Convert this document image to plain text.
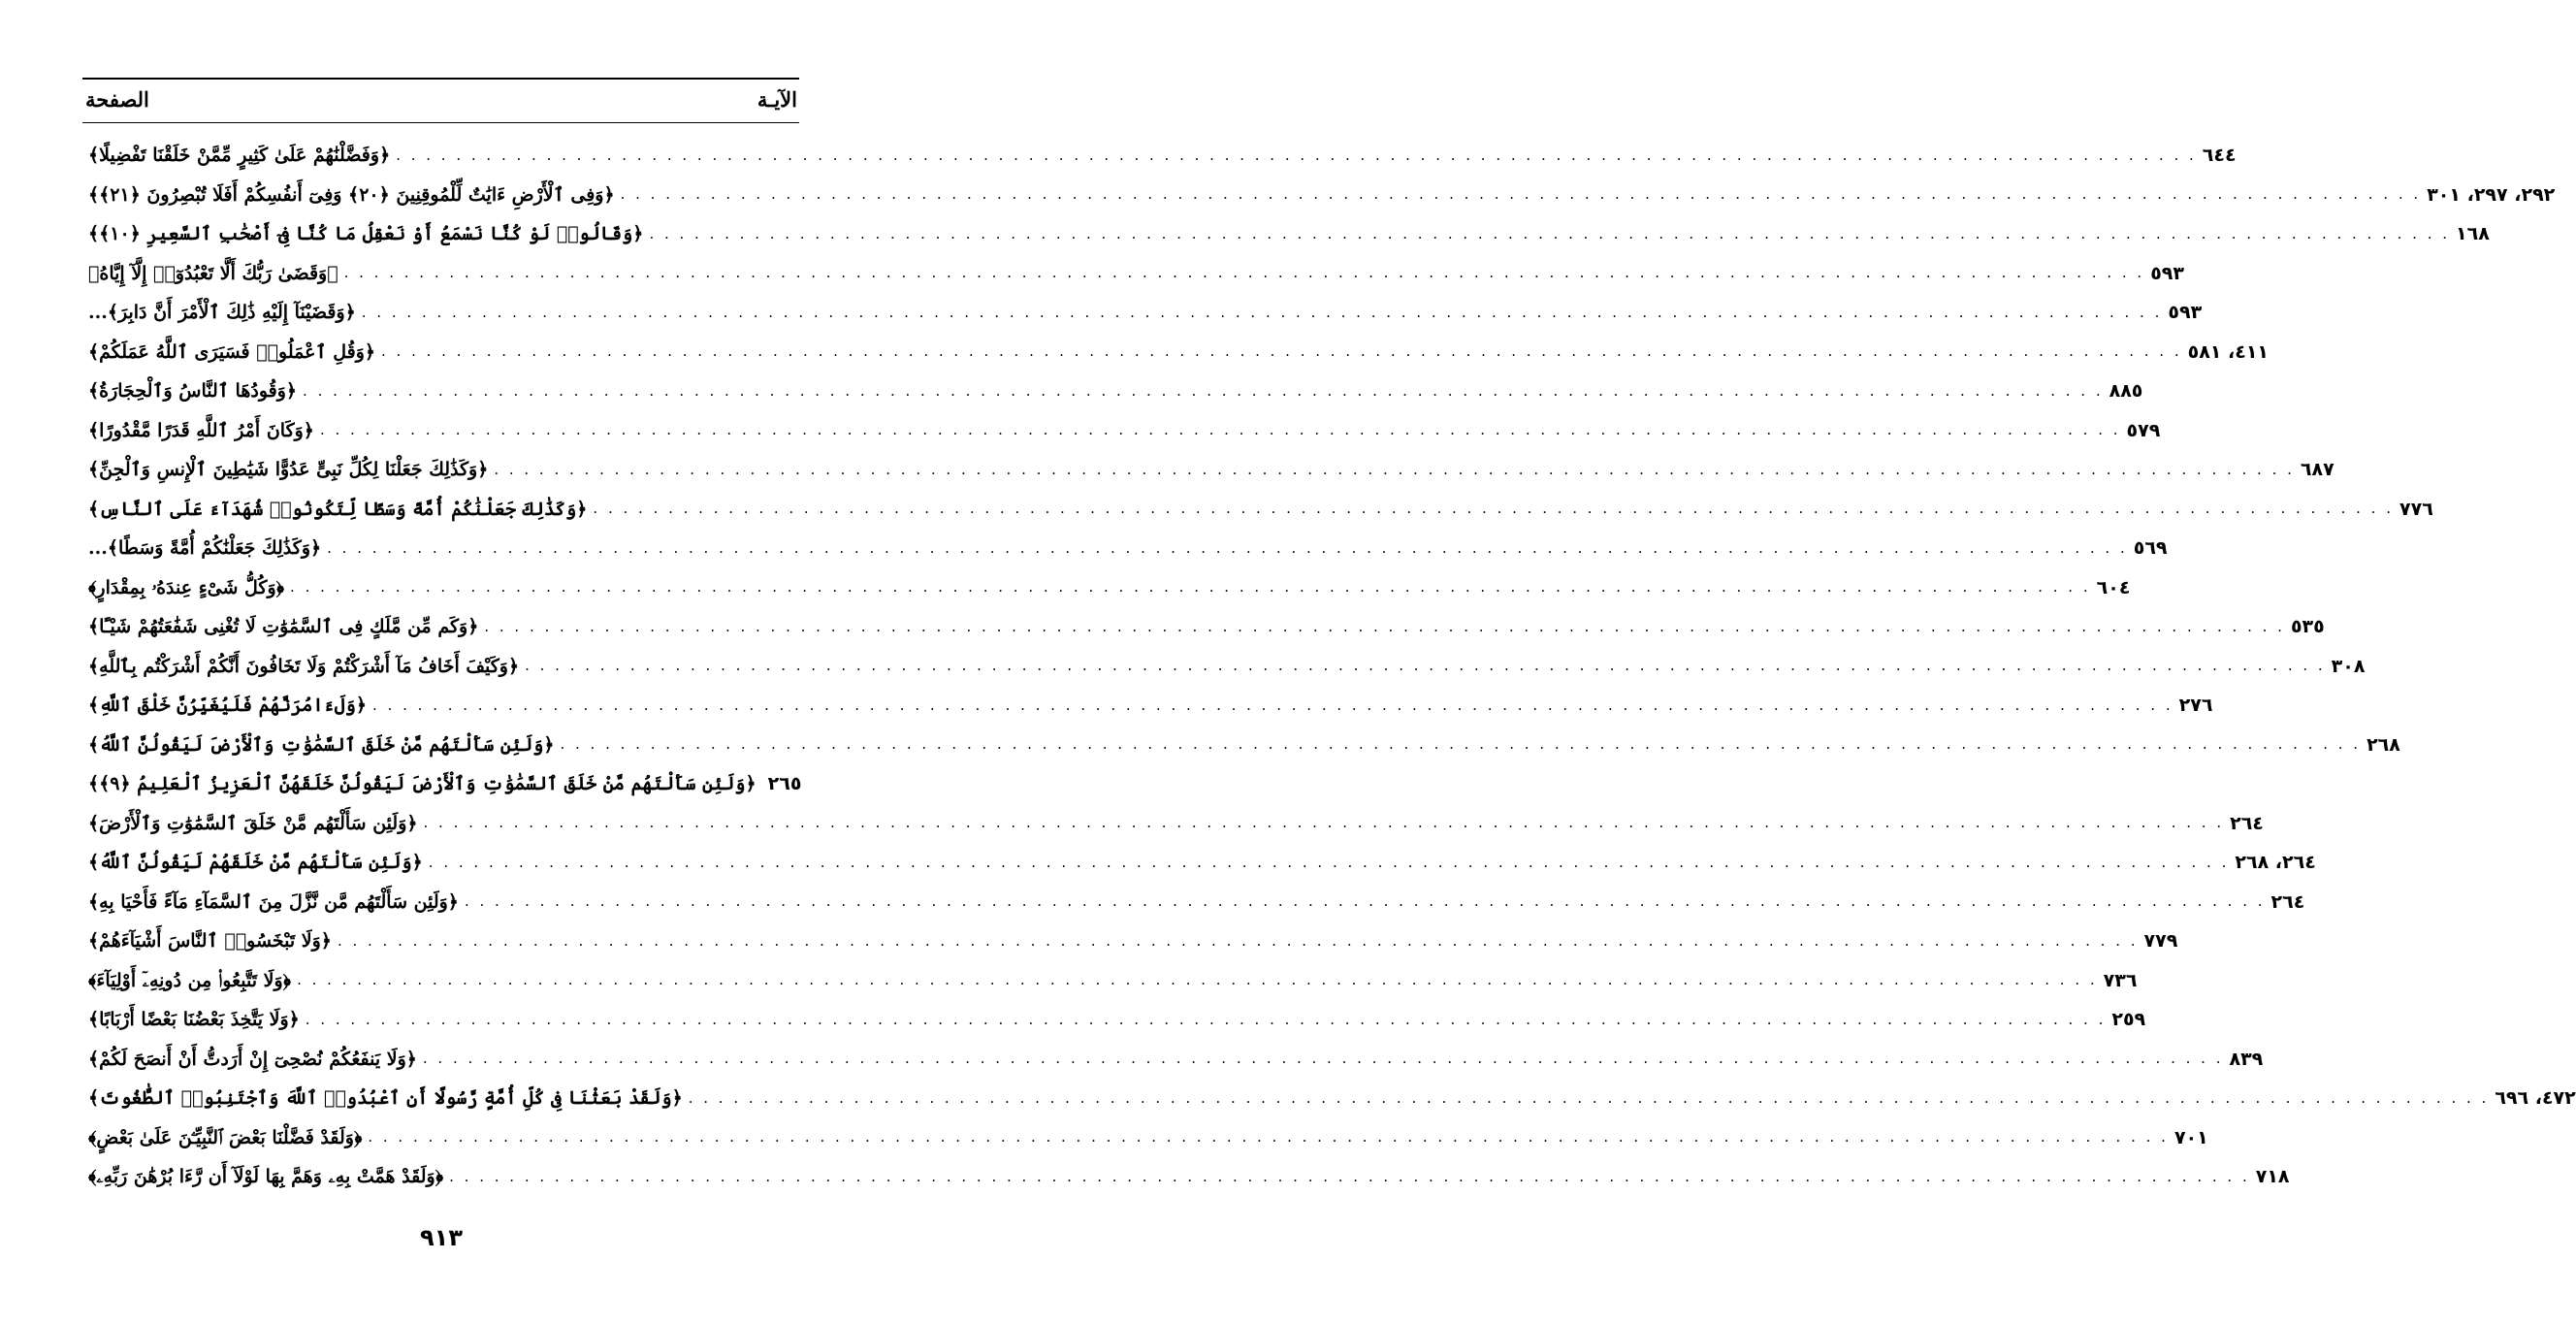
الآيـة
الصفحة
﴿وَفَضَّلْنَٰهُمْ عَلَىٰ كَثِيرٍ مِّمَّنْ خَلَقْنَا تَفْضِيلًا﴾ . . . . . . . . . . . . . . . . . . . . . . . . . . . . . . . . . . . . . . . . . . . . . . . . . . . . . . . . . . . . . . . . . . . . . . . . . . . . . . . . . . . . . . . . . . . . . . . . . . . . . . . . . . . . . . . . . . . . . . . . ٦٤٤
﴿وَفِى ٱلْأَرْضِ ءَايَٰتٌ لِّلْمُوقِنِينَ ﴿٢٠﴾ وَفِىٓ أَنفُسِكُمْ أَفَلَا تُبْصِرُونَ ﴿٢١﴾﴾ . . . . . . . . . . . . . . . . . . . . . . . . . . . . . . . . . . . . . . . . . . . . . . . . . . . . . . . . . . . . . . . . . . . . . . . . . . . . . . . . . . . . . . . . . . . . . . . . . . . . . . . . . . . . . . . . . . . . . . . . ٢٩٢، ٢٩٧، ٣٠١
﴿وَقَالُوا۟ لَوْ كُنَّا نَسْمَعُ أَوْ نَعْقِلُ مَا كُنَّا فِىٓ أَصْحَٰبِ ٱلسَّعِيرِ ﴿١٠﴾﴾ . . . . . . . . . . . . . . . . . . . . . . . . . . . . . . . . . . . . . . . . . . . . . . . . . . . . . . . . . . . . . . . . . . . . . . . . . . . . . . . . . . . . . . . . . . . . . . . . . . . . . . . . . . . . . . . . . . . . . . . . ١٦٨
﴿وَقَضَىٰ رَبُّكَ أَلَّا تَعْبُدُوٓا۟ إِلَّآ إِيَّاهُ﴾ . . . . . . . . . . . . . . . . . . . . . . . . . . . . . . . . . . . . . . . . . . . . . . . . . . . . . . . . . . . . . . . . . . . . . . . . . . . . . . . . . . . . . . . . . . . . . . . . . . . . . . . . . . . . . . . . . . . . . . . . ٥٩٣
﴿وَقَضَيْنَآ إِلَيْهِ ذَٰلِكَ ٱلْأَمْرَ أَنَّ دَابِرَ﴾... . . . . . . . . . . . . . . . . . . . . . . . . . . . . . . . . . . . . . . . . . . . . . . . . . . . . . . . . . . . . . . . . . . . . . . . . . . . . . . . . . . . . . . . . . . . . . . . . . . . . . . . . . . . . . . . . . . . . . . . . ٥٩٣
﴿وَقُلِ ٱعْمَلُوا۟ فَسَيَرَى ٱللَّهُ عَمَلَكُمْ﴾ . . . . . . . . . . . . . . . . . . . . . . . . . . . . . . . . . . . . . . . . . . . . . . . . . . . . . . . . . . . . . . . . . . . . . . . . . . . . . . . . . . . . . . . . . . . . . . . . . . . . . . . . . . . . . . . . . . . . . . . . ٤١١، ٥٨١
﴿وَقُودُهَا ٱلنَّاسُ وَٱلْحِجَارَةُ﴾ . . . . . . . . . . . . . . . . . . . . . . . . . . . . . . . . . . . . . . . . . . . . . . . . . . . . . . . . . . . . . . . . . . . . . . . . . . . . . . . . . . . . . . . . . . . . . . . . . . . . . . . . . . . . . . . . . . . . . . . . ٨٨٥
﴿وَكَانَ أَمْرُ ٱللَّهِ قَدَرًا مَّقْدُورًا﴾ . . . . . . . . . . . . . . . . . . . . . . . . . . . . . . . . . . . . . . . . . . . . . . . . . . . . . . . . . . . . . . . . . . . . . . . . . . . . . . . . . . . . . . . . . . . . . . . . . . . . . . . . . . . . . . . . . . . . . . . . ٥٧٩
﴿وَكَذَٰلِكَ جَعَلْنَا لِكُلِّ نَبِىٍّ عَدُوًّا شَيَٰطِينَ ٱلْإِنسِ وَٱلْجِنِّ﴾ . . . . . . . . . . . . . . . . . . . . . . . . . . . . . . . . . . . . . . . . . . . . . . . . . . . . . . . . . . . . . . . . . . . . . . . . . . . . . . . . . . . . . . . . . . . . . . . . . . . . . . . . . . . . . . . . . . . . . . . . ٦٨٧
﴿وَكَذَٰلِكَ جَعَلْنَٰكُمْ أُمَّةً وَسَطًا لِّتَكُونُوا۟ شُهَدَآءَ عَلَى ٱلنَّاسِ﴾ . . . . . . . . . . . . . . . . . . . . . . . . . . . . . . . . . . . . . . . . . . . . . . . . . . . . . . . . . . . . . . . . . . . . . . . . . . . . . . . . . . . . . . . . . . . . . . . . . . . . . . . . . . . . . . . . . . . . . . . . ٧٧٦
﴿وَكَذَٰلِكَ جَعَلْنَٰكُمْ أُمَّةً وَسَطًا﴾... . . . . . . . . . . . . . . . . . . . . . . . . . . . . . . . . . . . . . . . . . . . . . . . . . . . . . . . . . . . . . . . . . . . . . . . . . . . . . . . . . . . . . . . . . . . . . . . . . . . . . . . . . . . . . . . . . . . . . . . . ٥٦٩
﴿وَكُلُّ شَىْءٍ عِندَهُۥ بِمِقْدَارٍ﴾ . . . . . . . . . . . . . . . . . . . . . . . . . . . . . . . . . . . . . . . . . . . . . . . . . . . . . . . . . . . . . . . . . . . . . . . . . . . . . . . . . . . . . . . . . . . . . . . . . . . . . . . . . . . . . . . . . . . . . . . . ٦٠٤
﴿وَكَم مِّن مَّلَكٍ فِى ٱلسَّمَٰوَٰتِ لَا تُغْنِى شَفَٰعَتُهُمْ شَيْـًٔا﴾ . . . . . . . . . . . . . . . . . . . . . . . . . . . . . . . . . . . . . . . . . . . . . . . . . . . . . . . . . . . . . . . . . . . . . . . . . . . . . . . . . . . . . . . . . . . . . . . . . . . . . . . . . . . . . . . . . . . . . . . . ٥٣٥
﴿وَكَيْفَ أَخَافُ مَآ أَشْرَكْتُمْ وَلَا تَخَافُونَ أَنَّكُمْ أَشْرَكْتُم بِٱللَّهِ﴾ . . . . . . . . . . . . . . . . . . . . . . . . . . . . . . . . . . . . . . . . . . . . . . . . . . . . . . . . . . . . . . . . . . . . . . . . . . . . . . . . . . . . . . . . . . . . . . . . . . . . . . . . . . . . . . . . . . . . . . . . ٣٠٨
﴿وَلَءَامُرَنَّهُمْ فَلَيُغَيِّرُنَّ خَلْقَ ٱللَّهِ﴾ . . . . . . . . . . . . . . . . . . . . . . . . . . . . . . . . . . . . . . . . . . . . . . . . . . . . . . . . . . . . . . . . . . . . . . . . . . . . . . . . . . . . . . . . . . . . . . . . . . . . . . . . . . . . . . . . . . . . . . . . ٢٧٦
﴿وَلَئِن سَأَلْتَهُم مَّنْ خَلَقَ ٱلسَّمَٰوَٰتِ وَٱلْأَرْضَ لَيَقُولُنَّ ٱللَّهُ﴾ . . . . . . . . . . . . . . . . . . . . . . . . . . . . . . . . . . . . . . . . . . . . . . . . . . . . . . . . . . . . . . . . . . . . . . . . . . . . . . . . . . . . . . . . . . . . . . . . . . . . . . . . . . . . . . . . . . . . . . . . ٢٦٨
﴿وَلَئِن سَأَلْتَهُم مَّنْ خَلَقَ ٱلسَّمَٰوَٰتِ وَٱلْأَرْضَ لَيَقُولُنَّ خَلَقَهُنَّ ٱلْعَزِيزُ ٱلْعَلِيمُ ﴿٩﴾﴾ ٢٦٥
﴿وَلَئِن سَأَلْتَهُم مَّنْ خَلَقَ ٱلسَّمَٰوَٰتِ وَٱلْأَرْضَ﴾ . . . . . . . . . . . . . . . . . . . . . . . . . . . . . . . . . . . . . . . . . . . . . . . . . . . . . . . . . . . . . . . . . . . . . . . . . . . . . . . . . . . . . . . . . . . . . . . . . . . . . . . . . . . . . . . . . . . . . . . . ٢٦٤
﴿وَلَئِن سَأَلْتَهُم مَّنْ خَلَقَهُمْ لَيَقُولُنَّ ٱللَّهُ﴾ . . . . . . . . . . . . . . . . . . . . . . . . . . . . . . . . . . . . . . . . . . . . . . . . . . . . . . . . . . . . . . . . . . . . . . . . . . . . . . . . . . . . . . . . . . . . . . . . . . . . . . . . . . . . . . . . . . . . . . . . ٢٦٤، ٢٦٨
﴿وَلَئِن سَأَلْتَهُم مَّن نَّزَّلَ مِنَ ٱلسَّمَآءِ مَآءً فَأَحْيَا بِهِ﴾ . . . . . . . . . . . . . . . . . . . . . . . . . . . . . . . . . . . . . . . . . . . . . . . . . . . . . . . . . . . . . . . . . . . . . . . . . . . . . . . . . . . . . . . . . . . . . . . . . . . . . . . . . . . . . . . . . . . . . . . . ٢٦٤
﴿وَلَا تَبْخَسُوا۟ ٱلنَّاسَ أَشْيَآءَهُمْ﴾ . . . . . . . . . . . . . . . . . . . . . . . . . . . . . . . . . . . . . . . . . . . . . . . . . . . . . . . . . . . . . . . . . . . . . . . . . . . . . . . . . . . . . . . . . . . . . . . . . . . . . . . . . . . . . . . . . . . . . . . . ٧٧٩
﴿وَلَا تَتَّبِعُوا۟ مِن دُونِهِۦٓ أَوْلِيَآءَ﴾ . . . . . . . . . . . . . . . . . . . . . . . . . . . . . . . . . . . . . . . . . . . . . . . . . . . . . . . . . . . . . . . . . . . . . . . . . . . . . . . . . . . . . . . . . . . . . . . . . . . . . . . . . . . . . . . . . . . . . . . . ٧٣٦
﴿وَلَا يَتَّخِذَ بَعْضُنَا بَعْضًا أَرْبَابًا﴾ . . . . . . . . . . . . . . . . . . . . . . . . . . . . . . . . . . . . . . . . . . . . . . . . . . . . . . . . . . . . . . . . . . . . . . . . . . . . . . . . . . . . . . . . . . . . . . . . . . . . . . . . . . . . . . . . . . . . . . . . ٢٥٩
﴿وَلَا يَنفَعُكُمْ نُصْحِىٓ إِنْ أَرَدتُّ أَنْ أَنصَحَ لَكُمْ﴾ . . . . . . . . . . . . . . . . . . . . . . . . . . . . . . . . . . . . . . . . . . . . . . . . . . . . . . . . . . . . . . . . . . . . . . . . . . . . . . . . . . . . . . . . . . . . . . . . . . . . . . . . . . . . . . . . . . . . . . . . ٨٣٩
﴿وَلَقَدْ بَعَثْنَا فِى كُلِّ أُمَّةٍ رَّسُولًا أَنِ ٱعْبُدُوا۟ ٱللَّهَ وَٱجْتَنِبُوا۟ ٱلطَّٰغُوتَ﴾ . . . . . . . . . . . . . . . . . . . . . . . . . . . . . . . . . . . . . . . . . . . . . . . . . . . . . . . . . . . . . . . . . . . . . . . . . . . . . . . . . . . . . . . . . . . . . . . . . . . . . . . . . . . . . . . . . . . . . . . . ٤٧٢، ٦٩٦
﴿وَلَقَدْ فَضَّلْنَا بَعْضَ ٱلنَّبِيِّـۧنَ عَلَىٰ بَعْضٍ﴾ . . . . . . . . . . . . . . . . . . . . . . . . . . . . . . . . . . . . . . . . . . . . . . . . . . . . . . . . . . . . . . . . . . . . . . . . . . . . . . . . . . . . . . . . . . . . . . . . . . . . . . . . . . . . . . . . . . . . . . . . ٧٠١
﴿وَلَقَدْ هَمَّتْ بِهِۦ وَهَمَّ بِهَا لَوْلَآ أَن رَّءَا بُرْهَٰنَ رَبِّهِۦ﴾ . . . . . . . . . . . . . . . . . . . . . . . . . . . . . . . . . . . . . . . . . . . . . . . . . . . . . . . . . . . . . . . . . . . . . . . . . . . . . . . . . . . . . . . . . . . . . . . . . . . . . . . . . . . . . . . . . . . . . . . . ٧١٨
٩١٣
